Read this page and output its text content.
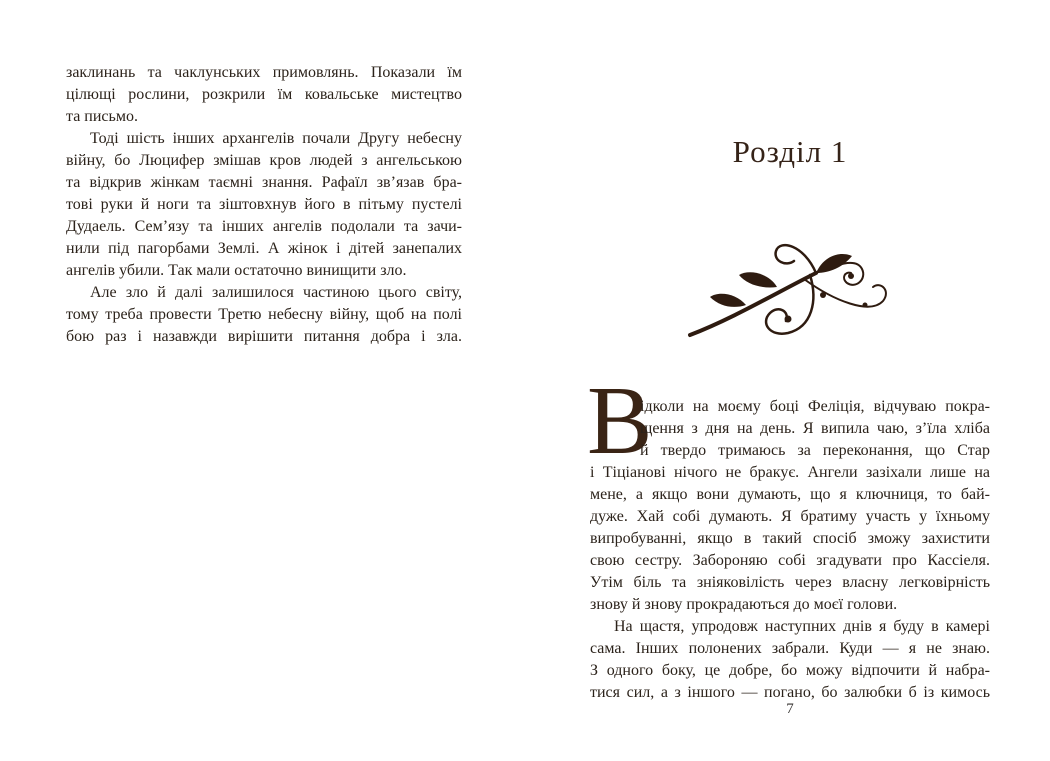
заклинань та чаклунських примовлянь. Показали їм
цілющі рослини, розкрили їм ковальське мистецтво
та письмо.
Тоді шість інших архангелів почали Другу небесну
війну, бо Люцифер змішав кров людей з ангельською
та відкрив жінкам таємні знання. Рафаїл зв’язав бра-
тові руки й ноги та зіштовхнув його в пітьму пустелі
Дудаель. Сем’язу та інших ангелів подолали та зачи-
нили під пагорбами Землі. А жінок і дітей занепалих
ангелів убили. Так мали остаточно винищити зло.
Але зло й далі залишилося частиною цього світу,
тому треба провести Третю небесну війну, щоб на полі
бою раз і назавжди вирішити питання добра і зла.
Розділ 1
В
ідколи на моєму боці Феліція, відчуваю покра-
щення з дня на день. Я випила чаю, з’їла хліба
й твердо тримаюсь за переконання, що Стар
і Тіціанові нічого не бракує. Ангели зазіхали лише на
мене, а якщо вони думають, що я ключниця, то бай-
дуже. Хай собі думають. Я братиму участь у їхньому
випробуванні, якщо в такий спосіб зможу захистити
свою сестру. Забороняю собі згадувати про Кассіеля.
Утім біль та зніяковілість через власну легковірність
знову й знову прокрадаються до моєї голови.
На щастя, упродовж наступних днів я буду в камері
сама. Інших полонених забрали. Куди — я не знаю.
З одного боку, це добре, бо можу відпочити й набра-
тися сил, а з іншого — погано, бо залюбки б із кимось
7
